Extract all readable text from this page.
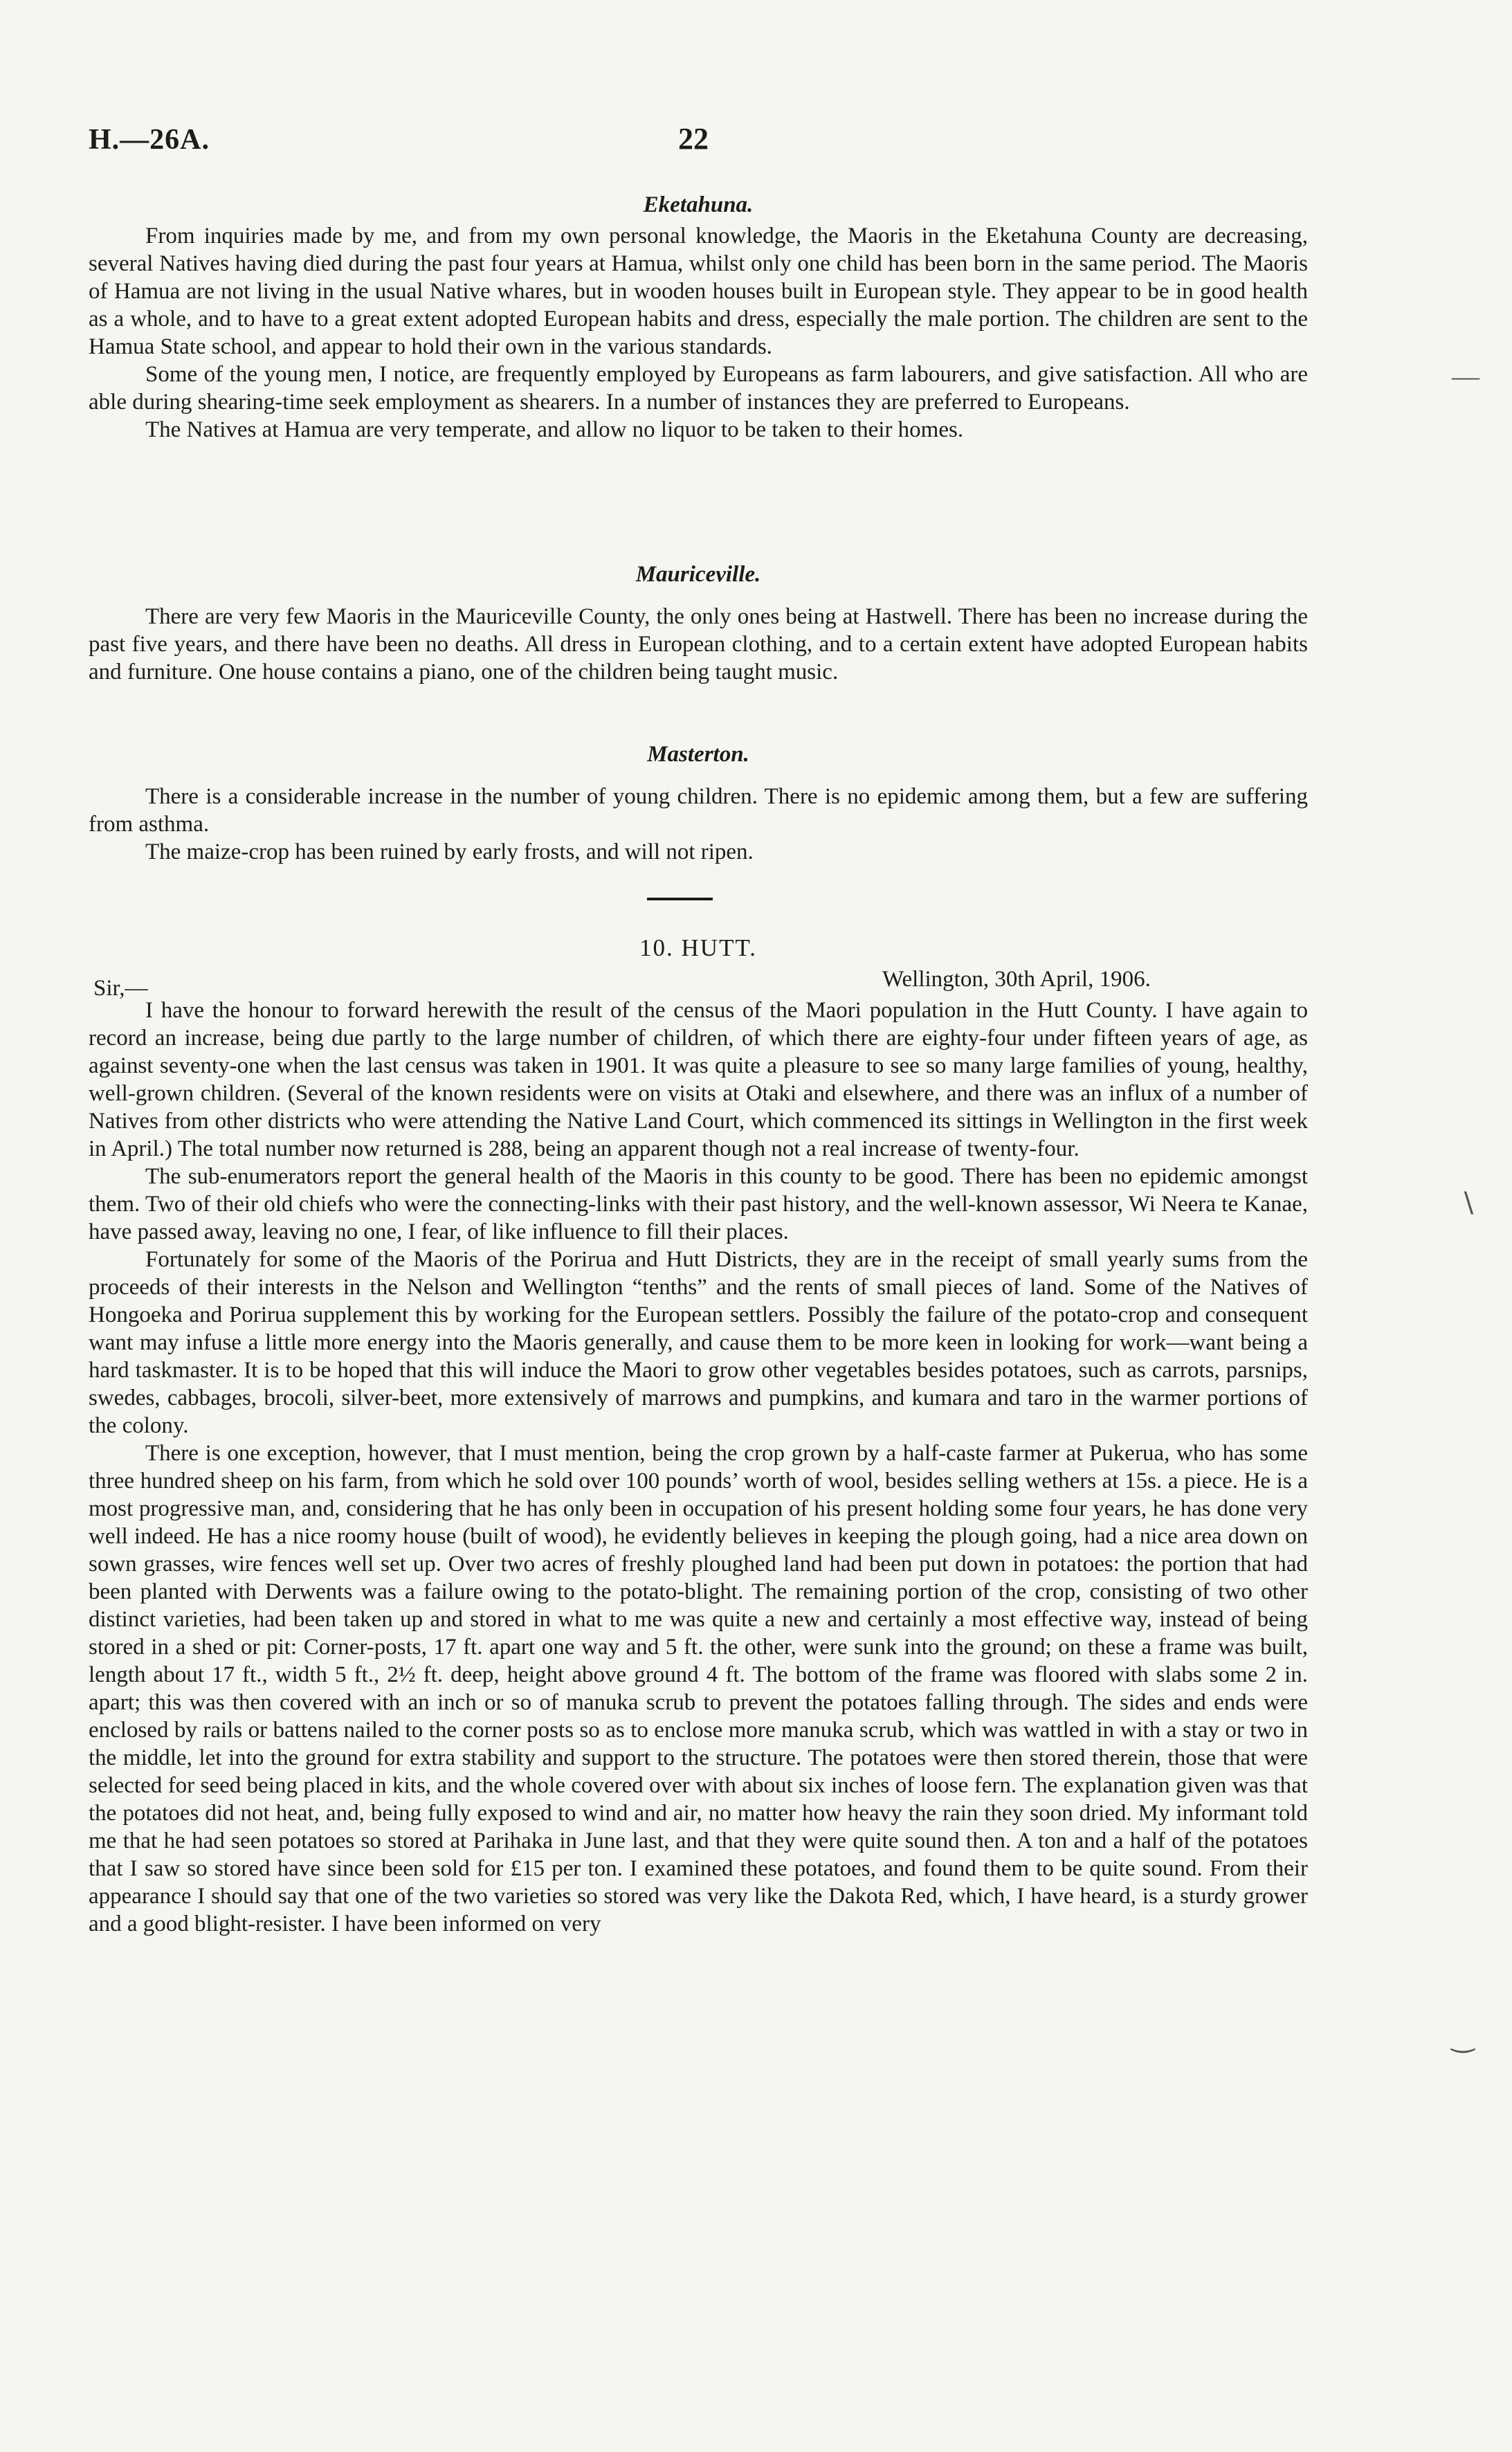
H.—26A.	22

Eketahuna.

From inquiries made by me, and from my own personal knowledge, the Maoris in the Eketahuna County are decreasing, several Natives having died during the past four years at Hamua, whilst only one child has been born in the same period. The Maoris of Hamua are not living in the usual Native whares, but in wooden houses built in European style. They appear to be in good health as a whole, and to have to a great extent adopted European habits and dress, especially the male portion. The children are sent to the Hamua State school, and appear to hold their own in the various standards.

Some of the young men, I notice, are frequently employed by Europeans as farm labourers, and give satisfaction. All who are able during shearing-time seek employment as shearers. In a number of instances they are preferred to Europeans.

The Natives at Hamua are very temperate, and allow no liquor to be taken to their homes.

Mauriceville.

There are very few Maoris in the Mauriceville County, the only ones being at Hastwell. There has been no increase during the past five years, and there have been no deaths. All dress in European clothing, and to a certain extent have adopted European habits and furniture. One house contains a piano, one of the children being taught music.

Masterton.

There is a considerable increase in the number of young children. There is no epidemic among them, but a few are suffering from asthma.

The maize-crop has been ruined by early frosts, and will not ripen.

10. HUTT.

Sir,—	Wellington, 30th April, 1906.

I have the honour to forward herewith the result of the census of the Maori population in the Hutt County. I have again to record an increase, being due partly to the large number of children, of which there are eighty-four under fifteen years of age, as against seventy-one when the last census was taken in 1901. It was quite a pleasure to see so many large families of young, healthy, well-grown children. (Several of the known residents were on visits at Otaki and elsewhere, and there was an influx of a number of Natives from other districts who were attending the Native Land Court, which commenced its sittings in Wellington in the first week in April.) The total number now returned is 288, being an apparent though not a real increase of twenty-four.

The sub-enumerators report the general health of the Maoris in this county to be good. There has been no epidemic amongst them. Two of their old chiefs who were the connecting-links with their past history, and the well-known assessor, Wi Neera te Kanae, have passed away, leaving no one, I fear, of like influence to fill their places.

Fortunately for some of the Maoris of the Porirua and Hutt Districts, they are in the receipt of small yearly sums from the proceeds of their interests in the Nelson and Wellington “tenths” and the rents of small pieces of land. Some of the Natives of Hongoeka and Porirua supplement this by working for the European settlers. Possibly the failure of the potato-crop and consequent want may infuse a little more energy into the Maoris generally, and cause them to be more keen in looking for work—want being a hard taskmaster. It is to be hoped that this will induce the Maori to grow other vegetables besides potatoes, such as carrots, parsnips, swedes, cabbages, brocoli, silver-beet, more extensively of marrows and pumpkins, and kumara and taro in the warmer portions of the colony.

There is one exception, however, that I must mention, being the crop grown by a half-caste farmer at Pukerua, who has some three hundred sheep on his farm, from which he sold over 100 pounds’ worth of wool, besides selling wethers at 15s. a piece. He is a most progressive man, and, considering that he has only been in occupation of his present holding some four years, he has done very well indeed. He has a nice roomy house (built of wood), he evidently believes in keeping the plough going, had a nice area down on sown grasses, wire fences well set up. Over two acres of freshly ploughed land had been put down in potatoes: the portion that had been planted with Derwents was a failure owing to the potato-blight. The remaining portion of the crop, consisting of two other distinct varieties, had been taken up and stored in what to me was quite a new and certainly a most effective way, instead of being stored in a shed or pit: Corner-posts, 17 ft. apart one way and 5 ft. the other, were sunk into the ground; on these a frame was built, length about 17 ft., width 5 ft., 2½ ft. deep, height above ground 4 ft. The bottom of the frame was floored with slabs some 2 in. apart; this was then covered with an inch or so of manuka scrub to prevent the potatoes falling through. The sides and ends were enclosed by rails or battens nailed to the corner posts so as to enclose more manuka scrub, which was wattled in with a stay or two in the middle, let into the ground for extra stability and support to the structure. The potatoes were then stored therein, those that were selected for seed being placed in kits, and the whole covered over with about six inches of loose fern. The explanation given was that the potatoes did not heat, and, being fully exposed to wind and air, no matter how heavy the rain they soon dried. My informant told me that he had seen potatoes so stored at Parihaka in June last, and that they were quite sound then. A ton and a half of the potatoes that I saw so stored have since been sold for £15 per ton. I examined these potatoes, and found them to be quite sound. From their appearance I should say that one of the two varieties so stored was very like the Dakota Red, which, I have heard, is a sturdy grower and a good blight-resister. I have been informed on very

—
∖
‿
